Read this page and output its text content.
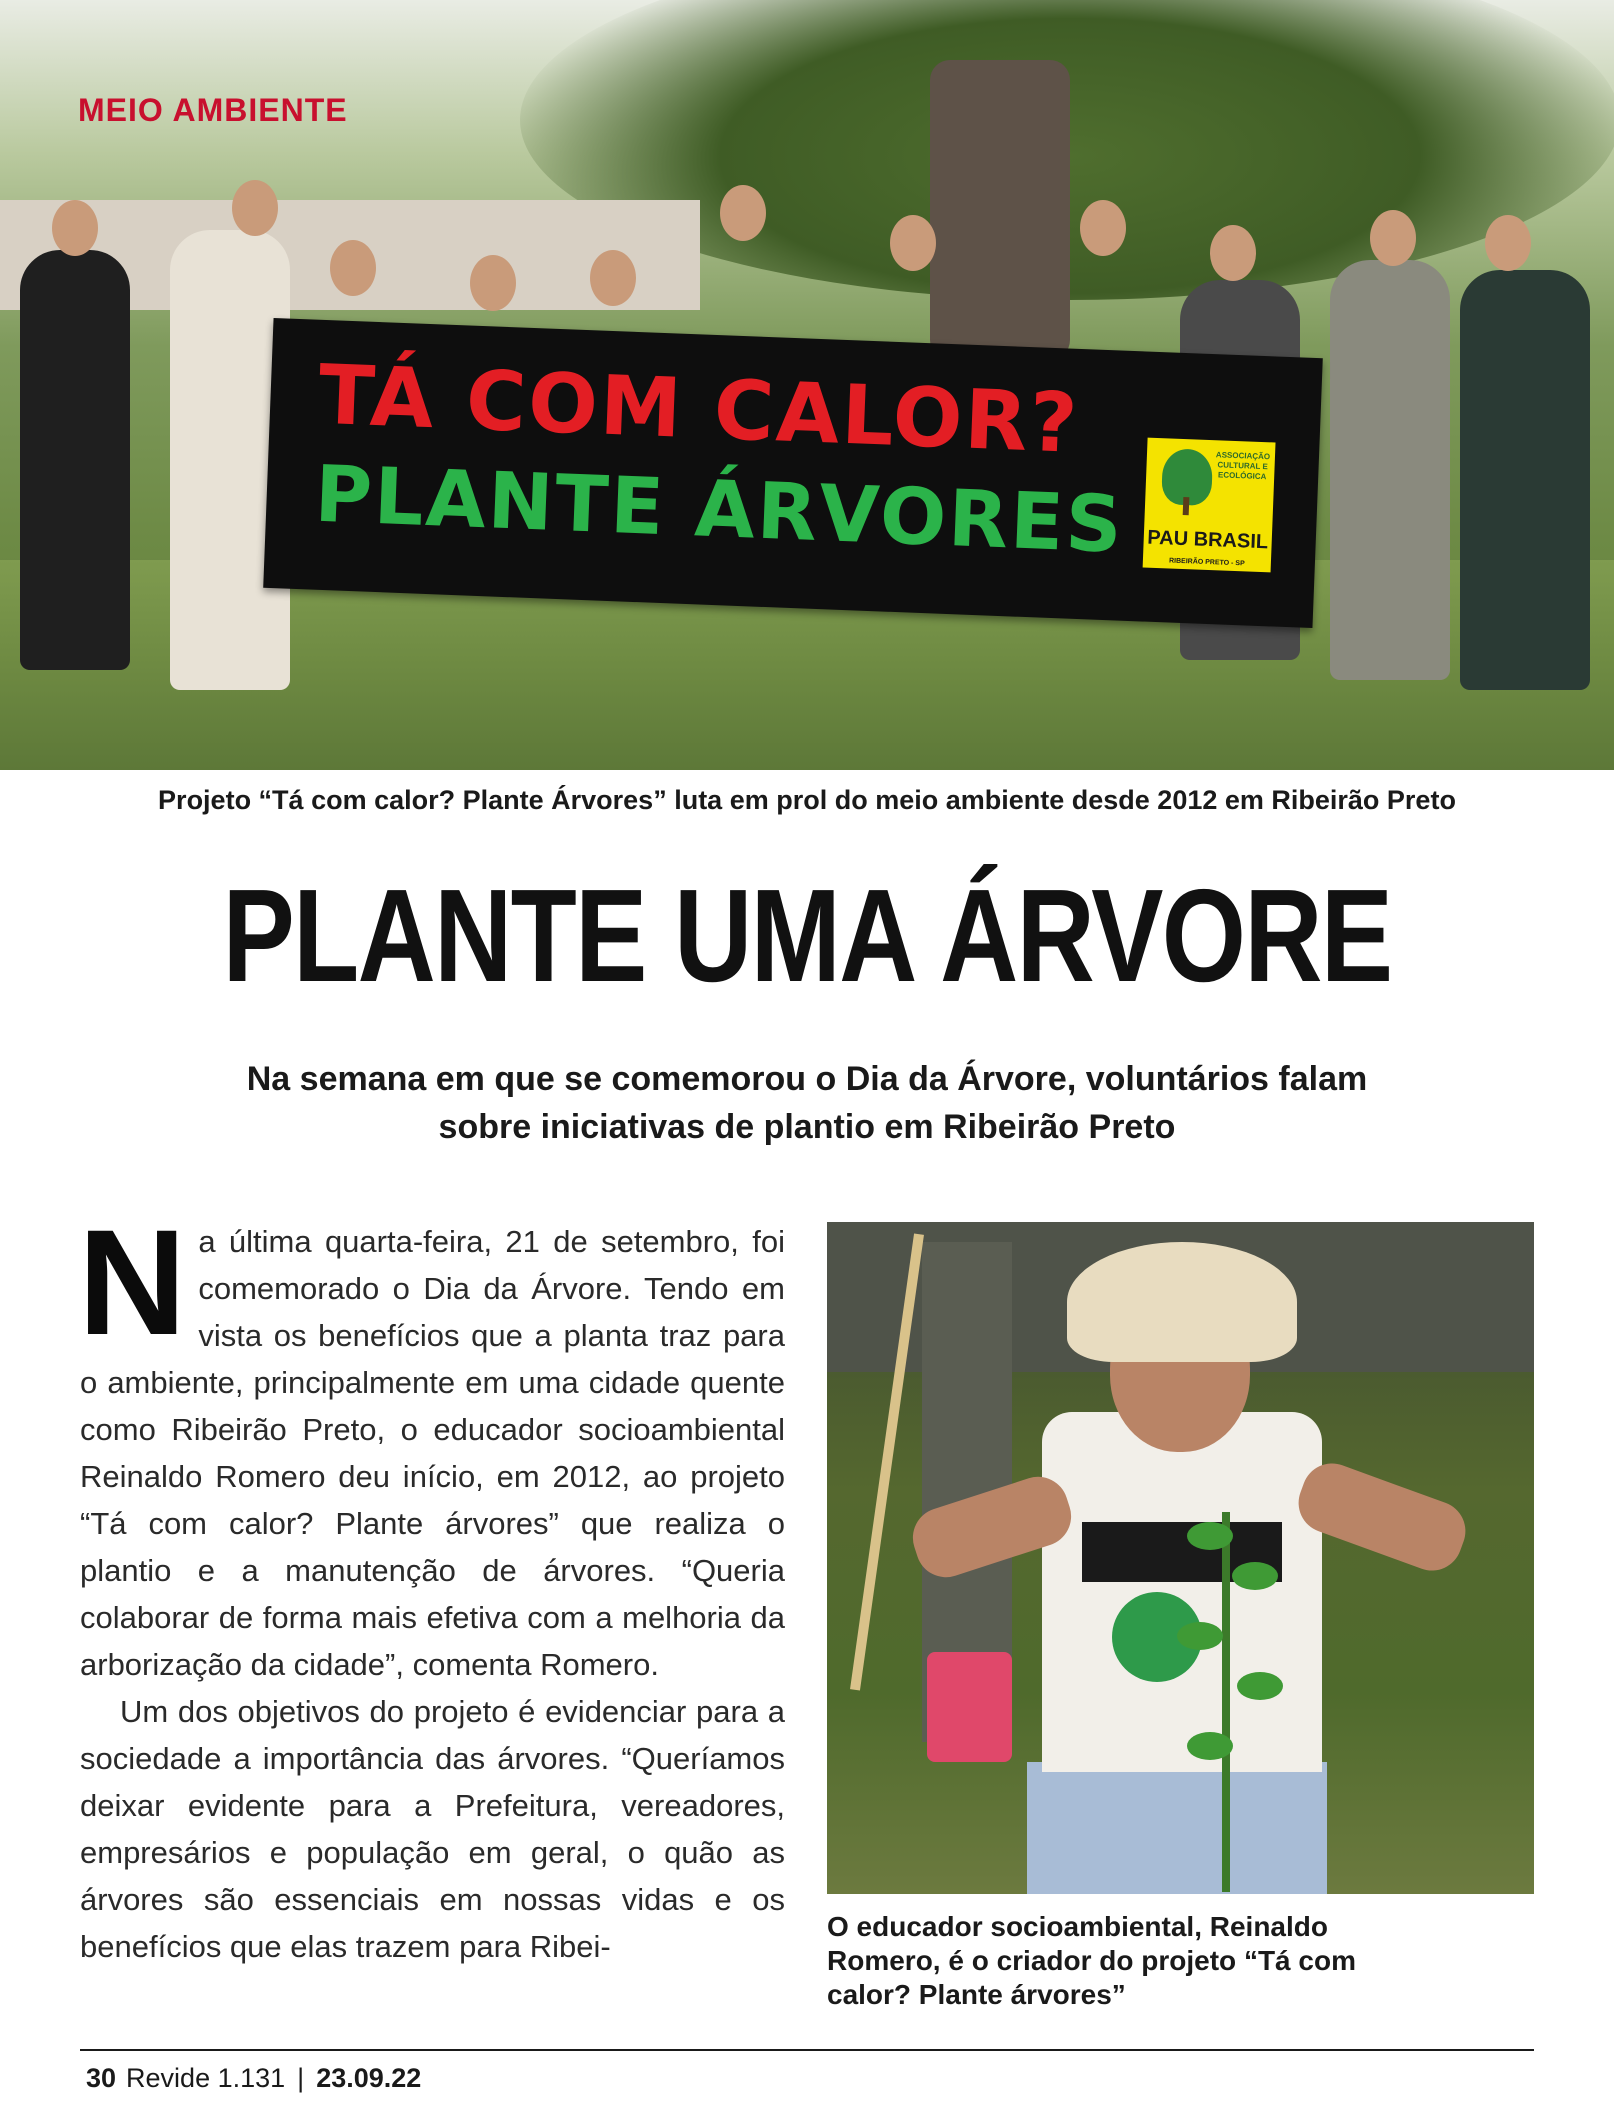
TÁ COM CALOR?
PLANTE ÁRVORES	ASSOCIAÇÃO CULTURAL E ECOLÓGICA
PAU BRASIL
RIBEIRÃO PRETO - SP
MEIO AMBIENTE
Projeto “Tá com calor? Plante Árvores” luta em prol do meio ambiente desde 2012 em Ribeirão Preto
PLANTE UMA ÁRVORE
Na semana em que se comemorou o Dia da Árvore, voluntários falam sobre iniciativas de plantio em Ribeirão Preto

Na última quarta-feira, 21 de setembro, foi comemorado o Dia da Árvore. Tendo em vista os benefícios que a planta traz para o ambiente, principalmente em uma cidade quente como Ribeirão Preto, o educador socioambiental Reinaldo Romero deu início, em 2012, ao projeto “Tá com calor? Plante árvores” que realiza o plantio e a manutenção de árvores. “Queria colaborar de forma mais efetiva com a melhoria da arborização da cidade”, comenta Romero.

Um dos objetivos do projeto é evidenciar para a sociedade a importância das árvores. “Queríamos deixar evidente para a Prefeitura, vereadores, empresários e população em geral, o quão as árvores são essenciais em nossas vidas e os benefícios que elas trazem para Ribei-

O educador socioambiental, Reinaldo Romero, é o criador do projeto “Tá com calor? Plante árvores”
30 Revide 1.131 | 23.09.22
